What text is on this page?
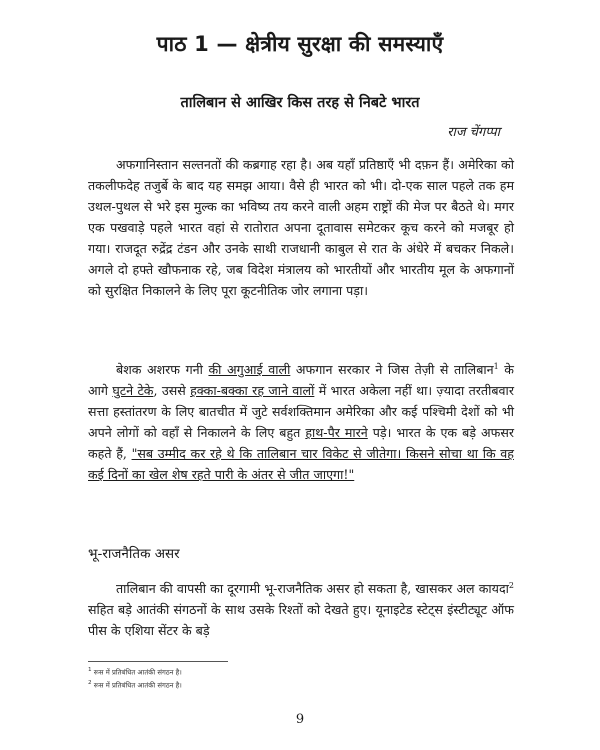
पाठ 1 — क्षेत्रीय सुरक्षा की समस्याएँ
तालिबान से आखिर किस तरह से निबटे भारत
राज चेंगप्पा

अफगानिस्तान सल्तनतों की कब्रगाह रहा है। अब यहाँ प्रतिष्ठाएँ भी दफ़न हैं। अमेरिका को तकलीफदेह तजुर्बे के बाद यह समझ आया। वैसे ही भारत को भी। दो-एक साल पहले तक हम उथल-पुथल से भरे इस मुल्क का भविष्य तय करने वाली अहम राष्ट्रों की मेज पर बैठते थे। मगर एक पखवाड़े पहले भारत वहां से रातोरात अपना दूतावास समेटकर कूच करने को मजबूर हो गया। राजदूत रुद्रेंद्र टंडन और उनके साथी राजधानी काबुल से रात के अंधेरे में बचकर निकले। अगले दो हफ्ते खौफनाक रहे, जब विदेश मंत्रालय को भारतीयों और भारतीय मूल के अफगानों को सुरक्षित निकालने के लिए पूरा कूटनीतिक जोर लगाना पड़ा।

बेशक अशरफ गनी की अगुआई वाली अफगान सरकार ने जिस तेज़ी से तालिबान$^1$ के आगे घुटने टेके, उससे हक्का-बक्का रह जाने वालों में भारत अकेला नहीं था। ज़्यादा तरतीबवार सत्ता हस्तांतरण के लिए बातचीत में जुटे सर्वशक्तिमान अमेरिका और कई पश्चिमी देशों को भी अपने लोगों को वहाँ से निकालने के लिए बहुत हाथ-पैर मारने पड़े। भारत के एक बड़े अफसर कहते हैं, "सब उम्मीद कर रहे थे कि तालिबान चार विकेट से जीतेगा। किसने सोचा था कि वह कई दिनों का खेल शेष रहते पारी के अंतर से जीत जाएगा!"

भू-राजनैतिक असर

तालिबान की वापसी का दूरगामी भू-राजनैतिक असर हो सकता है, खासकर अल कायदा$^2$ सहित बड़े आतंकी संगठनों के साथ उसके रिश्तों को देखते हुए। यूनाइटेड स्टेट्स इंस्टीट्यूट ऑफ पीस के एशिया सेंटर के बड़े

$^1$ रूस में प्रतिबंधित आतंकी संगठन है।
$^2$ रूस में प्रतिबंधित आतंकी संगठन है।
9
